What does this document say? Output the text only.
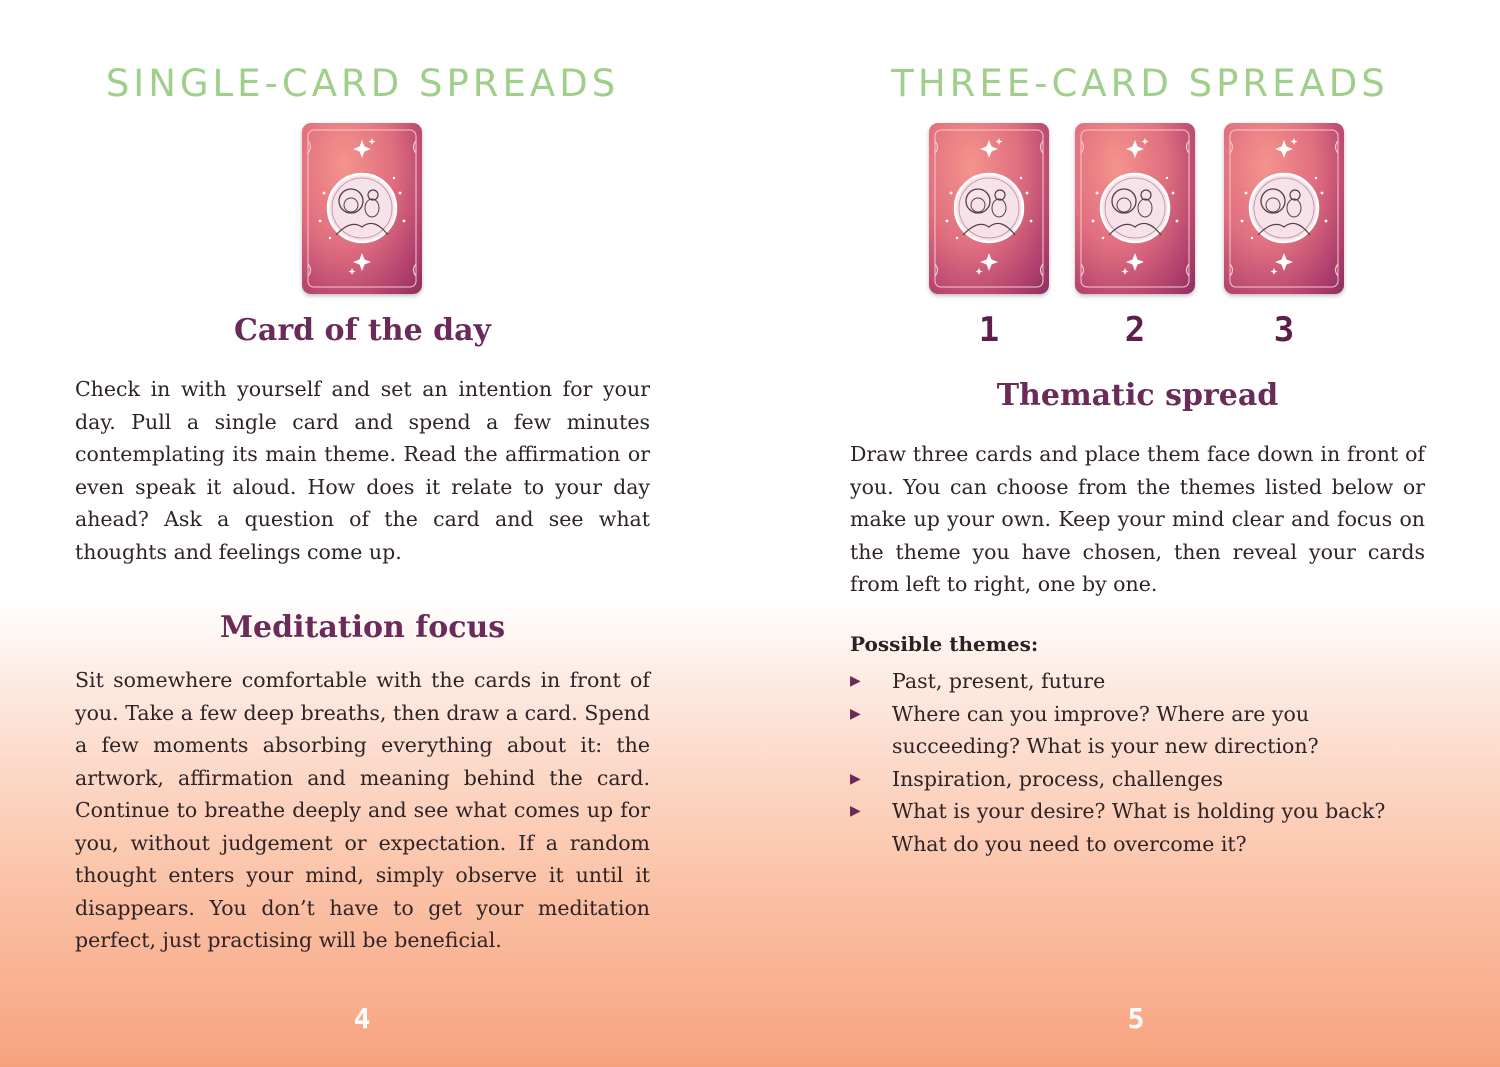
SINGLE-CARD SPREADS
Card of the day

Check in with yourself and set an intention for your day. Pull a single card and spend a few minutes contemplating its main theme. Read the affirmation or even speak it aloud. How does it relate to your day ahead? Ask a question of the card and see what thoughts and feelings come up.

Meditation focus

Sit somewhere comfortable with the cards in front of you. Take a few deep breaths, then draw a card. Spend a few moments absorbing everything about it: the artwork, affirmation and meaning behind the card. Continue to breathe deeply and see what comes up for you, without judgement or expectation. If a random thought enters your mind, simply observe it until it disappears. You don’t have to get your meditation perfect, just practising will be beneficial.

4
THREE-CARD SPREADS
1	2	3
Thematic spread

Draw three cards and place them face down in front of you. You can choose from the themes listed below or make up your own. Keep your mind clear and focus on the theme you have chosen, then reveal your cards from left to right, one by one.

Possible themes:

▶ Past, present, future
▶ Where can you improve? Where are you succeeding? What is your new direction?
▶ Inspiration, process, challenges
▶ What is your desire? What is holding you back? What do you need to overcome it?
5
